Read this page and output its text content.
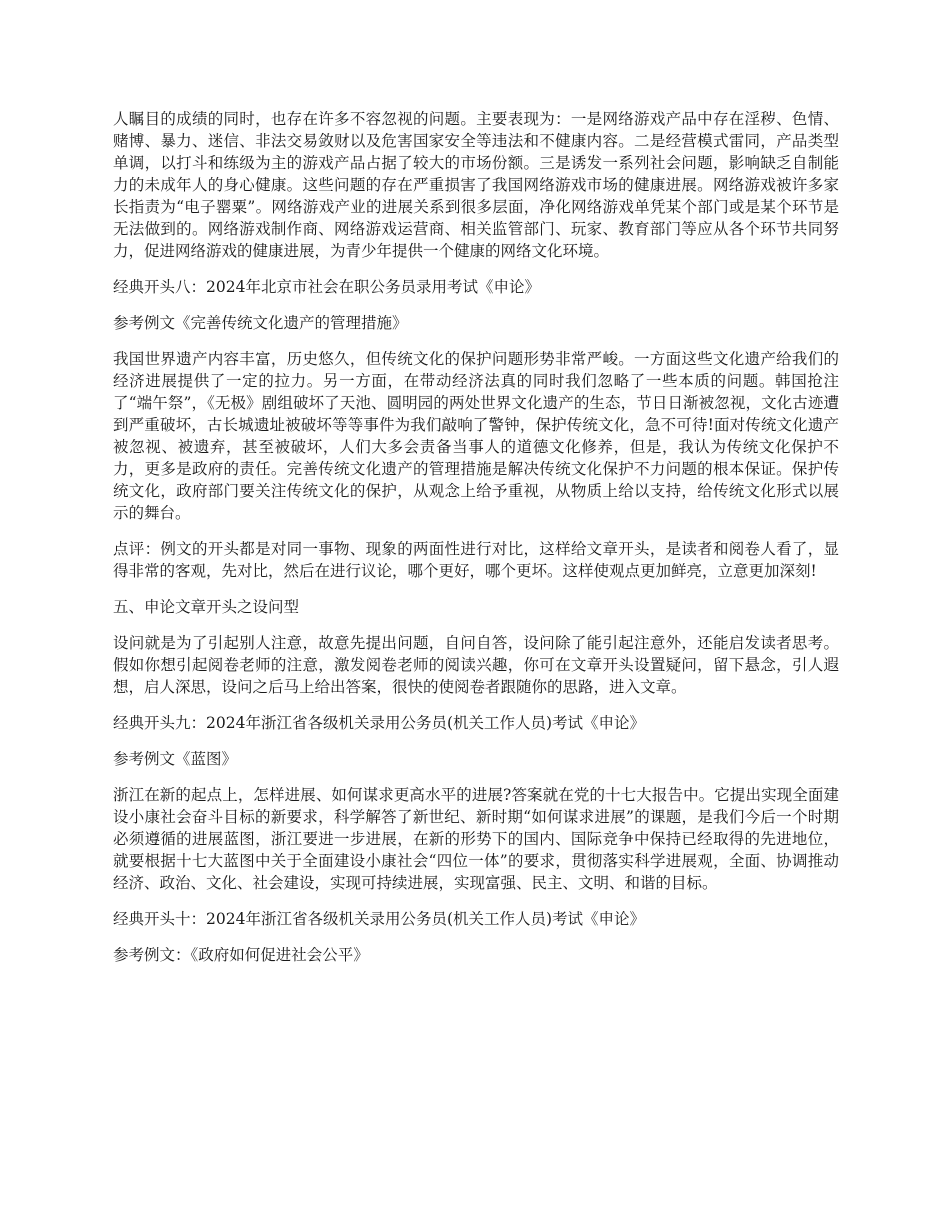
人瞩目的成绩的同时，也存在许多不容忽视的问题。主要表现为：一是网络游戏产品中存在淫秽、色情、赌博、暴力、迷信、非法交易敛财以及危害国家安全等违法和不健康内容。二是经营模式雷同，产品类型单调，以打斗和练级为主的游戏产品占据了较大的市场份额。三是诱发一系列社会问题，影响缺乏自制能力的未成年人的身心健康。这些问题的存在严重损害了我国网络游戏市场的健康进展。网络游戏被许多家长指责为“电子罂粟”。网络游戏产业的进展关系到很多层面，净化网络游戏单凭某个部门或是某个环节是无法做到的。网络游戏制作商、网络游戏运营商、相关监管部门、玩家、教育部门等应从各个环节共同努力，促进网络游戏的健康进展，为青少年提供一个健康的网络文化环境。

经典开头八：2024年北京市社会在职公务员录用考试《申论》

参考例文《完善传统文化遗产的管理措施》

我国世界遗产内容丰富，历史悠久，但传统文化的保护问题形势非常严峻。一方面这些文化遗产给我们的经济进展提供了一定的拉力。另一方面，在带动经济法真的同时我们忽略了一些本质的问题。韩国抢注了“端午祭”，《无极》剧组破坏了天池、圆明园的两处世界文化遗产的生态，节日日渐被忽视，文化古迹遭到严重破坏，古长城遗址被破坏等等事件为我们敲响了警钟，保护传统文化，急不可待!面对传统文化遗产被忽视、被遗弃，甚至被破坏，人们大多会责备当事人的道德文化修养，但是，我认为传统文化保护不力，更多是政府的责任。完善传统文化遗产的管理措施是解决传统文化保护不力问题的根本保证。保护传统文化，政府部门要关注传统文化的保护，从观念上给予重视，从物质上给以支持，给传统文化形式以展示的舞台。

点评：例文的开头都是对同一事物、现象的两面性进行对比，这样给文章开头，是读者和阅卷人看了，显得非常的客观，先对比，然后在进行议论，哪个更好，哪个更坏。这样使观点更加鲜亮，立意更加深刻!

五、申论文章开头之设问型

设问就是为了引起别人注意，故意先提出问题，自问自答，设问除了能引起注意外，还能启发读者思考。假如你想引起阅卷老师的注意，激发阅卷老师的阅读兴趣，你可在文章开头设置疑问，留下悬念，引人遐想，启人深思，设问之后马上给出答案，很快的使阅卷者跟随你的思路，进入文章。

经典开头九：2024年浙江省各级机关录用公务员(机关工作人员)考试《申论》

参考例文《蓝图》

浙江在新的起点上，怎样进展、如何谋求更高水平的进展?答案就在党的十七大报告中。它提出实现全面建设小康社会奋斗目标的新要求，科学解答了新世纪、新时期“如何谋求进展”的课题，是我们今后一个时期必须遵循的进展蓝图，浙江要进一步进展，在新的形势下的国内、国际竞争中保持已经取得的先进地位，就要根据十七大蓝图中关于全面建设小康社会“四位一体”的要求，贯彻落实科学进展观，全面、协调推动经济、政治、文化、社会建设，实现可持续进展，实现富强、民主、文明、和谐的目标。

经典开头十：2024年浙江省各级机关录用公务员(机关工作人员)考试《申论》

参考例文：《政府如何促进社会公平》
